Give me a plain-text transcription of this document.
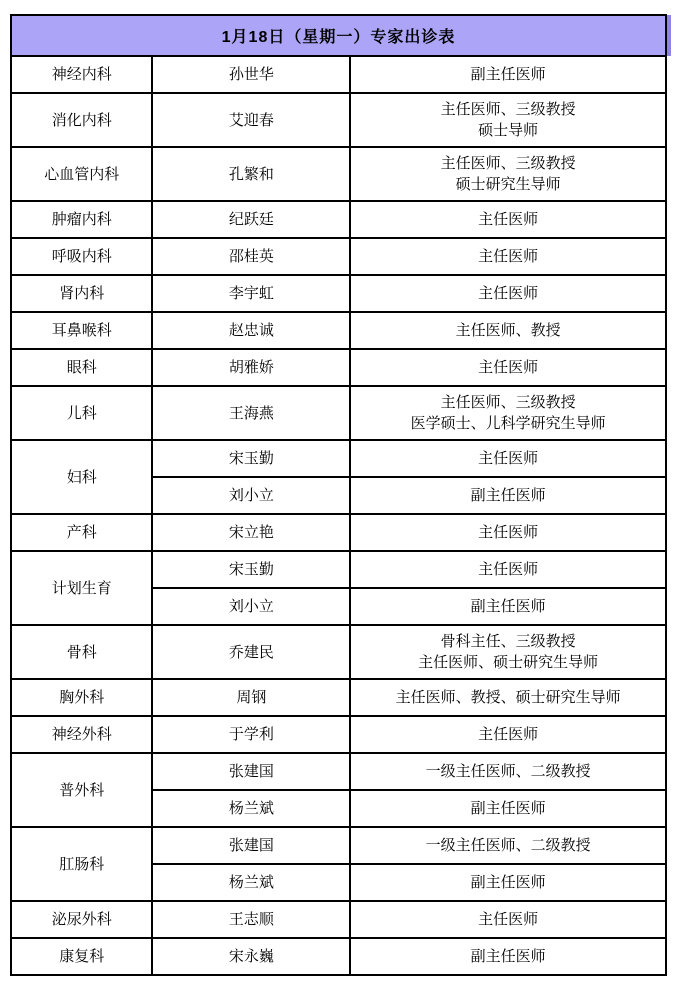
1月18日（星期一）专家出诊表		
神经内科	孙世华	副主任医师

消化内科	艾迎春	主任医师、三级教授
硕士导师

心血管内科	孔繁和	主任医师、三级教授
硕士研究生导师

肿瘤内科	纪跃廷	主任医师

呼吸内科	邵桂英	主任医师

肾内科	李宇虹	主任医师

耳鼻喉科	赵忠诚	主任医师、教授

眼科	胡雅娇	主任医师

儿科	王海燕	主任医师、三级教授
医学硕士、儿科学研究生导师

妇科	宋玉勤	主任医师

	刘小立	副主任医师

产科	宋立艳	主任医师

计划生育	宋玉勤	主任医师

	刘小立	副主任医师

骨科	乔建民	骨科主任、三级教授
主任医师、硕士研究生导师

胸外科	周钢	主任医师、教授、硕士研究生导师

神经外科	于学利	主任医师

普外科	张建国	一级主任医师、二级教授

	杨兰斌	副主任医师

肛肠科	张建国	一级主任医师、二级教授

	杨兰斌	副主任医师

泌尿外科	王志顺	主任医师

康复科	宋永巍	副主任医师
